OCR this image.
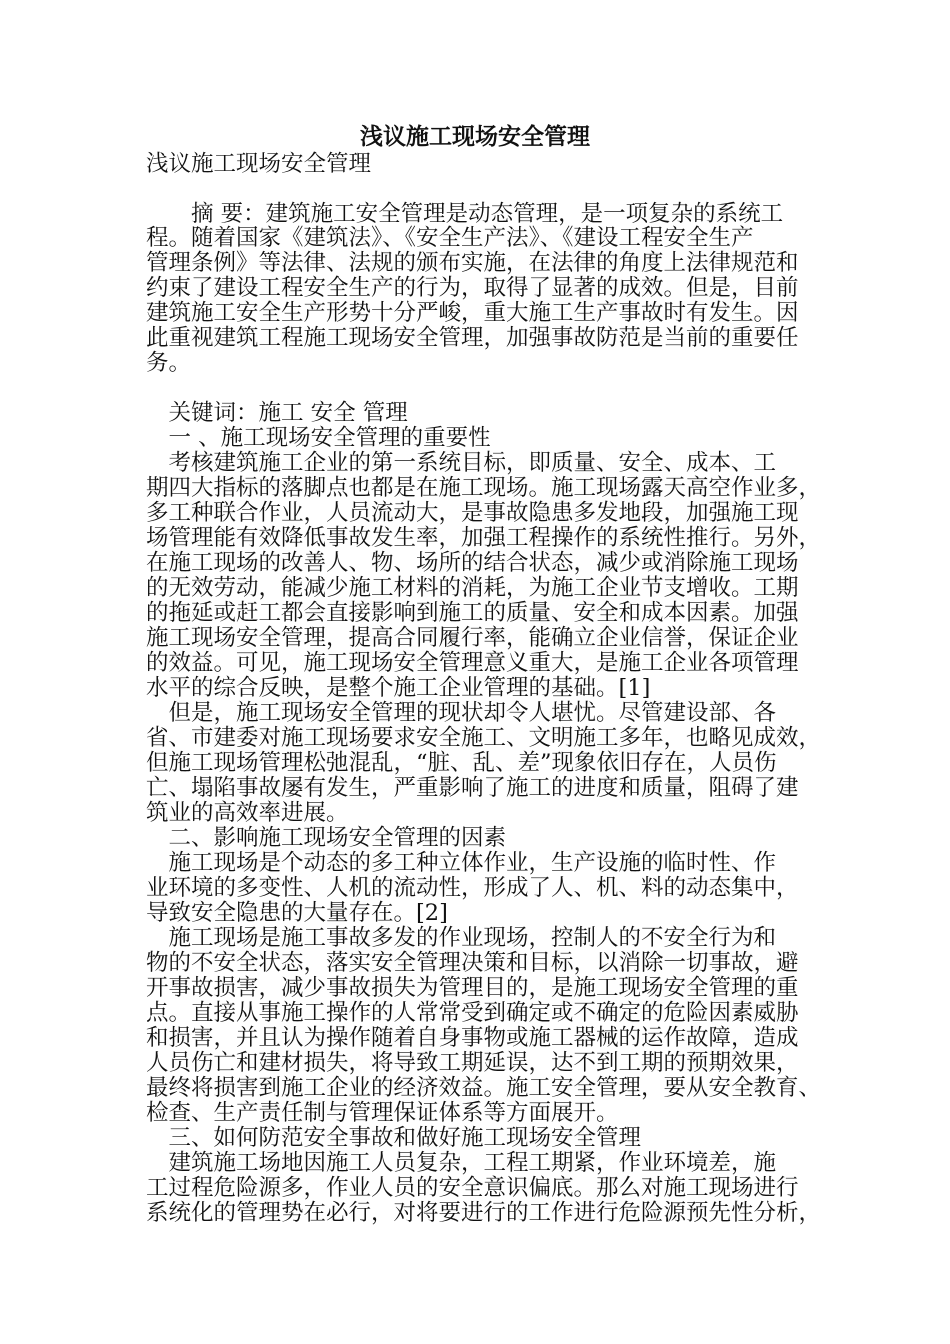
浅议施工现场安全管理
浅议施工现场安全管理
　　摘 要：建筑施工安全管理是动态管理，是一项复杂的系统工
程。随着国家《建筑法》、《安全生产法》、《建设工程安全生产
管理条例》等法律、法规的颁布实施，在法律的角度上法律规范和
约束了建设工程安全生产的行为，取得了显著的成效。但是，目前
建筑施工安全生产形势十分严峻，重大施工生产事故时有发生。因
此重视建筑工程施工现场安全管理，加强事故防范是当前的重要任
务。
　关键词：施工 安全 管理
　一 、施工现场安全管理的重要性
　考核建筑施工企业的第一系统目标，即质量、安全、成本、工
期四大指标的落脚点也都是在施工现场。施工现场露天高空作业多，
多工种联合作业，人员流动大，是事故隐患多发地段，加强施工现
场管理能有效降低事故发生率，加强工程操作的系统性推行。另外，
在施工现场的改善人、物、场所的结合状态，减少或消除施工现场
的无效劳动，能减少施工材料的消耗，为施工企业节支增收。工期
的拖延或赶工都会直接影响到施工的质量、安全和成本因素。加强
施工现场安全管理，提高合同履行率，能确立企业信誉，保证企业
的效益。可见，施工现场安全管理意义重大，是施工企业各项管理
水平的综合反映，是整个施工企业管理的基础。[1]
　但是，施工现场安全管理的现状却令人堪忧。尽管建设部、各
省、市建委对施工现场要求安全施工、文明施工多年，也略见成效，
但施工现场管理松弛混乱，“脏、乱、差”现象依旧存在，人员伤
亡、塌陷事故屡有发生，严重影响了施工的进度和质量，阻碍了建
筑业的高效率进展。
　二、影响施工现场安全管理的因素
　施工现场是个动态的多工种立体作业，生产设施的临时性、作
业环境的多变性、人机的流动性，形成了人、机、料的动态集中，
导致安全隐患的大量存在。[2]
　施工现场是施工事故多发的作业现场，控制人的不安全行为和
物的不安全状态，落实安全管理决策和目标，以消除一切事故，避
开事故损害，减少事故损失为管理目的，是施工现场安全管理的重
点。直接从事施工操作的人常常受到确定或不确定的危险因素威胁
和损害，并且认为操作随着自身事物或施工器械的运作故障，造成
人员伤亡和建材损失，将导致工期延误，达不到工期的预期效果，
最终将损害到施工企业的经济效益。施工安全管理，要从安全教育、
检查、生产责任制与管理保证体系等方面展开。
　三、如何防范安全事故和做好施工现场安全管理
　建筑施工场地因施工人员复杂，工程工期紧，作业环境差，施
工过程危险源多，作业人员的安全意识偏底。那么对施工现场进行
系统化的管理势在必行，对将要进行的工作进行危险源预先性分析，
